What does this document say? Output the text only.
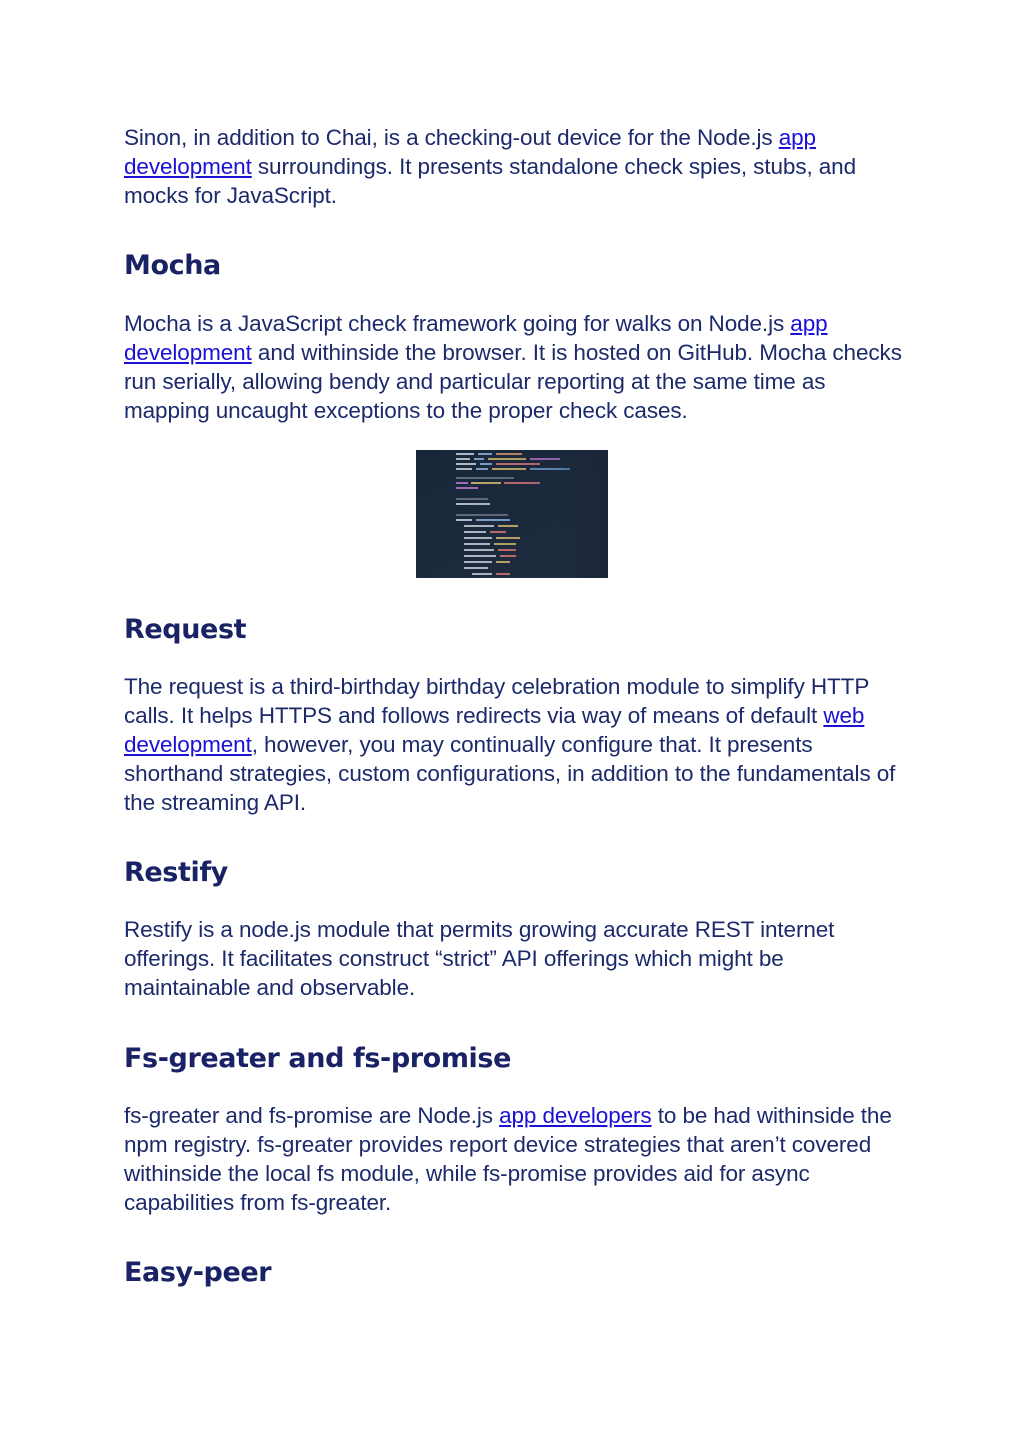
Sinon, in addition to Chai, is a checking-out device for the Node.js app development surroundings. It presents standalone check spies, stubs, and mocks for JavaScript.

Mocha

Mocha is a JavaScript check framework going for walks on Node.js app development and withinside the browser. It is hosted on GitHub. Mocha checks run serially, allowing bendy and particular reporting at the same time as mapping uncaught exceptions to the proper check cases.

Request

The request is a third-birthday birthday celebration module to simplify HTTP calls. It helps HTTPS and follows redirects via way of means of default web development, however, you may continually configure that. It presents shorthand strategies, custom configurations, in addition to the fundamentals of the streaming API.

Restify

Restify is a node.js module that permits growing accurate REST internet offerings. It facilitates construct “strict” API offerings which might be maintainable and observable.

Fs-greater and fs-promise

fs-greater and fs-promise are Node.js app developers to be had withinside the npm registry. fs-greater provides report device strategies that aren’t covered withinside the local fs module, while fs-promise provides aid for async capabilities from fs-greater.

Easy-peer
